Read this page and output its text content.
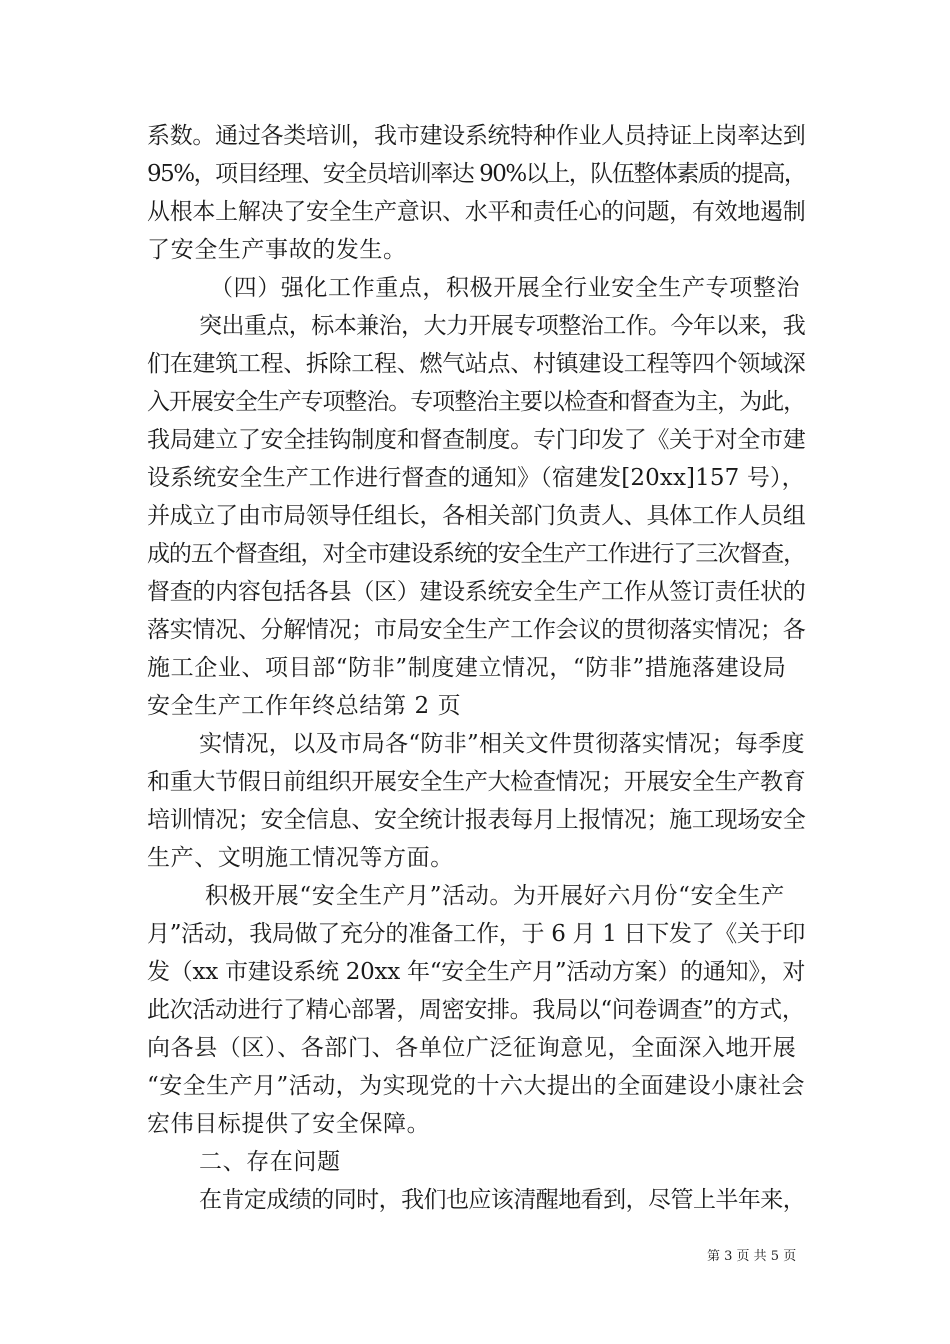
系数。通过各类培训，我市建设系统特种作业人员持证上岗率达到
95%，项目经理、安全员培训率达 90%以上，队伍整体素质的提高，
从根本上解决了安全生产意识、水平和责任心的问题，有效地遏制
了安全生产事故的发生。
（四）强化工作重点，积极开展全行业安全生产专项整治
突出重点，标本兼治，大力开展专项整治工作。今年以来，我
们在建筑工程、拆除工程、燃气站点、村镇建设工程等四个领域深
入开展安全生产专项整治。专项整治主要以检查和督查为主，为此，
我局建立了安全挂钩制度和督查制度。专门印发了《关于对全市建
设系统安全生产工作进行督查的通知》（宿建发[20xx]157 号），
并成立了由市局领导任组长，各相关部门负责人、具体工作人员组
成的五个督查组，对全市建设系统的安全生产工作进行了三次督查，
督查的内容包括各县（区）建设系统安全生产工作从签订责任状的
落实情况、分解情况；市局安全生产工作会议的贯彻落实情况；各
施工企业、项目部“防非”制度建立情况，“防非”措施落建设局
安全生产工作年终总结第 2 页
实情况，以及市局各“防非”相关文件贯彻落实情况；每季度
和重大节假日前组织开展安全生产大检查情况；开展安全生产教育
培训情况；安全信息、安全统计报表每月上报情况；施工现场安全
生产、文明施工情况等方面。
积极开展“安全生产月”活动。为开展好六月份“安全生产
月”活动，我局做了充分的准备工作，于 6 月 1 日下发了《关于印
发（xx 市建设系统 20xx 年“安全生产月”活动方案）的通知》，对
此次活动进行了精心部署，周密安排。我局以“问卷调查”的方式，
向各县（区）、各部门、各单位广泛征询意见，全面深入地开展
“安全生产月”活动，为实现党的十六大提出的全面建设小康社会
宏伟目标提供了安全保障。
二、存在问题
在肯定成绩的同时，我们也应该清醒地看到，尽管上半年来，
第 3 页 共 5 页
